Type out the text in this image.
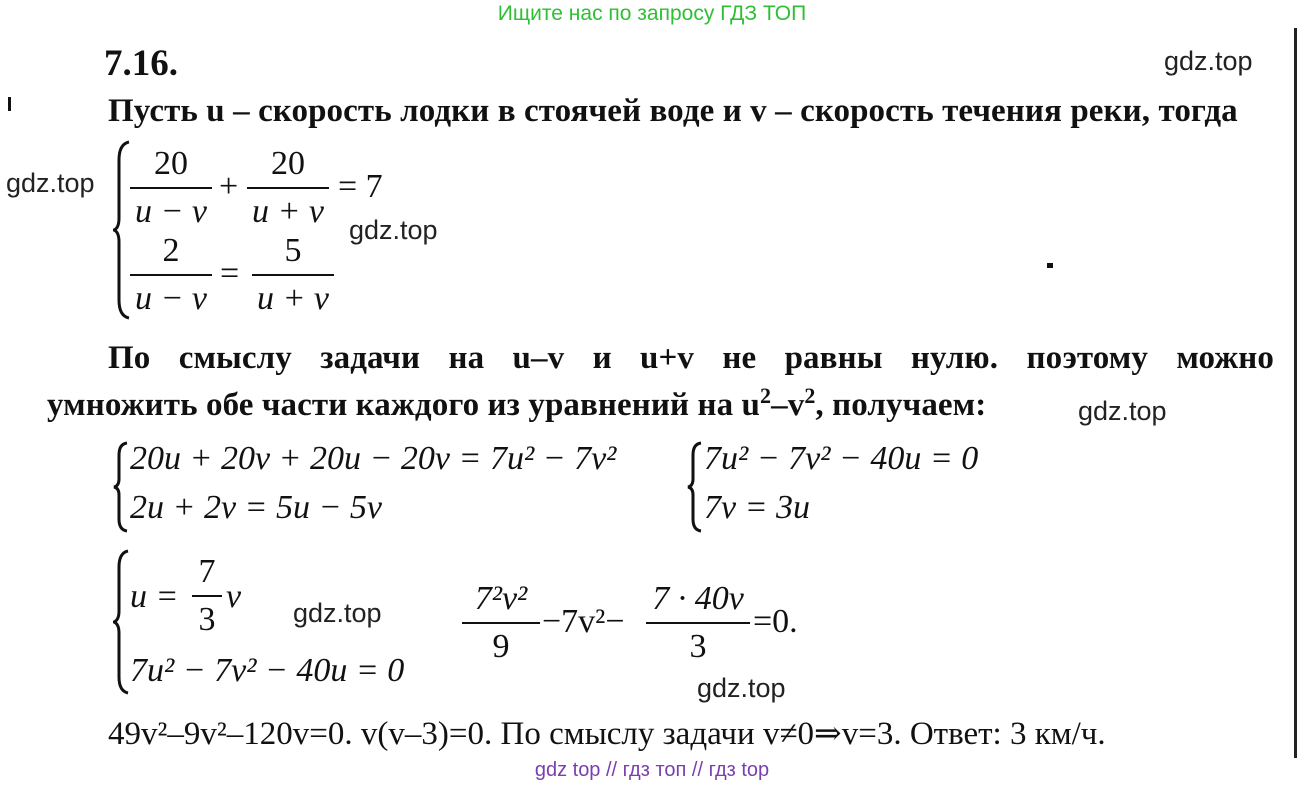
Ищите нас по запросу ГДЗ ТОП
7.16.	gdz.top
gdz.top
gdz.top
gdz.top
gdz.top
gdz.top
Пусть u – скорость лодки в стоячей воде и v – скорость течения реки, тогда
20
u − v
+
20
u + v
= 7
2
u − v
=
5
u + v
По смыслу задачи на u–v и u+v не равны нулю. поэтому можно
умножить обе части каждого из уравнений на $u^2-v^2$, получаем:
20u + 20v + 20u − 20v = 7u² − 7v²
2u + 2v = 5u − 5v
7u² − 7v² − 40u = 0
7v = 3u
u =
7
3
v
7u² − 7v² − 40u = 0
7²v²
9
−7v²−
7 · 40v
3
=0.
49v²–9v²–120v=0. v(v–3)=0. По смыслу задачи v≠0⇒v=3. Ответ: 3 км/ч.
gdz top // гдз топ // гдз top
